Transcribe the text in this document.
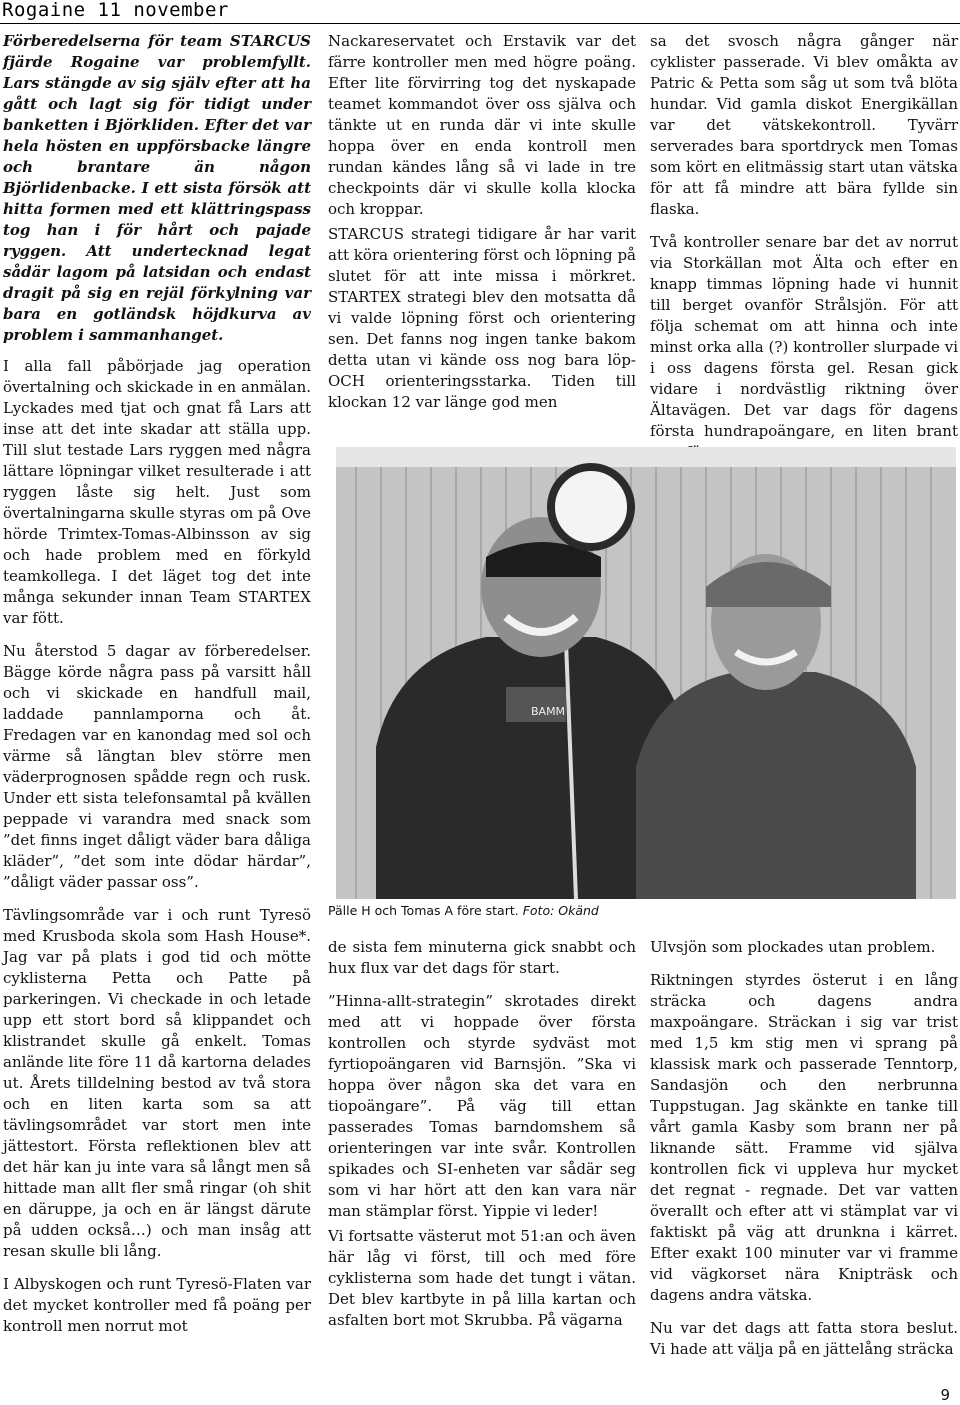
Rogaine 11 november

Förberedelserna för team STARCUS fjärde Rogaine var problemfyllt. Lars stängde av sig själv efter att ha gått och lagt sig för tidigt under banketten i Björkliden. Efter det var hela hösten en uppförsbacke längre och brantare än någon Björlidenbacke. I ett sista försök att hitta formen med ett klättringspass tog han i för hårt och pajade ryggen. Att undertecknad legat sådär lagom på latsidan och endast dragit på sig en rejäl förkylning var bara en gotländsk höjdkurva av problem i sammanhanget.

I alla fall påbörjade jag operation övertalning och skickade in en anmälan. Lyckades med tjat och gnat få Lars att inse att det inte skadar att ställa upp. Till slut testade Lars ryggen med några lättare löpningar vilket resulterade i att ryggen låste sig helt. Just som övertalningarna skulle styras om på Ove hörde Trimtex-Tomas-Albinsson av sig och hade problem med en förkyld teamkollega. I det läget tog det inte många sekunder innan Team STARTEX var fött.

Nu återstod 5 dagar av förberedelser. Bägge körde några pass på varsitt håll och vi skickade en handfull mail, laddade pannlamporna och åt. Fredagen var en kanondag med sol och värme så längtan blev större men väderprognosen spådde regn och rusk. Under ett sista telefonsamtal på kvällen peppade vi varandra med snack som ”det finns inget dåligt väder bara dåliga kläder”, ”det som inte dödar härdar”, ”dåligt väder passar oss”.

Tävlingsområde var i och runt Tyresö med Krusboda skola som Hash House*. Jag var på plats i god tid och mötte cyklisterna Petta och Patte på parkeringen. Vi checkade in och letade upp ett stort bord så klippandet och klistrandet skulle gå enkelt. Tomas anlände lite före 11 då kartorna delades ut. Årets tilldelning bestod av två stora och en liten karta som sa att tävlingsområdet var stort men inte jättestort. Första reflektionen blev att det här kan ju inte vara så långt men så hittade man allt fler små ringar (oh shit en däruppe, ja och en är längst därute på udden också…) och man insåg att resan skulle bli lång.

I Albyskogen och runt Tyresö-Flaten var det mycket kontroller med få poäng per kontroll men norrut mot

Nackareservatet och Erstavik var det färre kontroller men med högre poäng. Efter lite förvirring tog det nyskapade teamet kommandot över oss själva och tänkte ut en runda där vi inte skulle hoppa över en enda kontroll men rundan kändes lång så vi lade in tre checkpoints där vi skulle kolla klocka och kroppar.

STARCUS strategi tidigare år har varit att köra orientering först och löpning på slutet för att inte missa i mörkret. STARTEX strategi blev den motsatta då vi valde löpning först och orientering sen. Det fanns nog ingen tanke bakom detta utan vi kände oss nog bara löp- OCH orienteringsstarka. Tiden till klockan 12 var länge god men

sa det svosch några gånger när cyklister passerade. Vi blev omåkta av Patric & Petta som såg ut som två blöta hundar. Vid gamla diskot Energikällan var det vätskekontroll. Tyvärr serverades bara sportdryck men Tomas som kört en elitmässig start utan vätska för att få mindre att bära fyllde sin flaska.

Två kontroller senare bar det av norrut via Storkällan mot Älta och efter en knapp timmas löpning hade vi hunnit till berget ovanför Strålsjön. För att följa schemat om att hinna och inte minst orka alla (?) kontroller slurpade vi i oss dagens första gel. Resan gick vidare i nordvästlig riktning över Ältavägen. Det var dags för dagens första hundrapoängare, en liten brant

BAMM
Pälle H och Tomas A före start. Foto: Okänd

de sista fem minuterna gick snabbt och hux flux var det dags för start.

”Hinna-allt-strategin” skrotades direkt med att vi hoppade över första kontrollen och styrde sydväst mot fyrtiopoängaren vid Barnsjön. ”Ska vi hoppa över någon ska det vara en tiopoängare”. På väg till ettan passerades Tomas barndomshem så orienteringen var inte svår. Kontrollen spikades och SI-enheten var sådär seg som vi har hört att den kan vara när man stämplar först. Yippie vi leder!

Vi fortsatte västerut mot 51:an och även här låg vi först, till och med före cyklisterna som hade det tungt i vätan. Det blev kartbyte in på lilla kartan och asfalten bort mot Skrubba. På vägarna

Ulvsjön som plockades utan problem.

Riktningen styrdes österut i en lång sträcka och dagens andra maxpoängare. Sträckan i sig var trist med 1,5 km stig men vi sprang på klassisk mark och passerade Tenntorp, Sandasjön och den nerbrunna Tuppstugan. Jag skänkte en tanke till vårt gamla Kasby som brann ner på liknande sätt. Framme vid själva kontrollen fick vi uppleva hur mycket det regnat - regnade. Det var vatten överallt och efter att vi stämplat var vi faktiskt på väg att drunkna i kärret. Efter exakt 100 minuter var vi framme vid vägkorset nära Knipträsk och dagens andra vätska.

Nu var det dags att fatta stora beslut. Vi hade att välja på en jättelång sträcka

9
